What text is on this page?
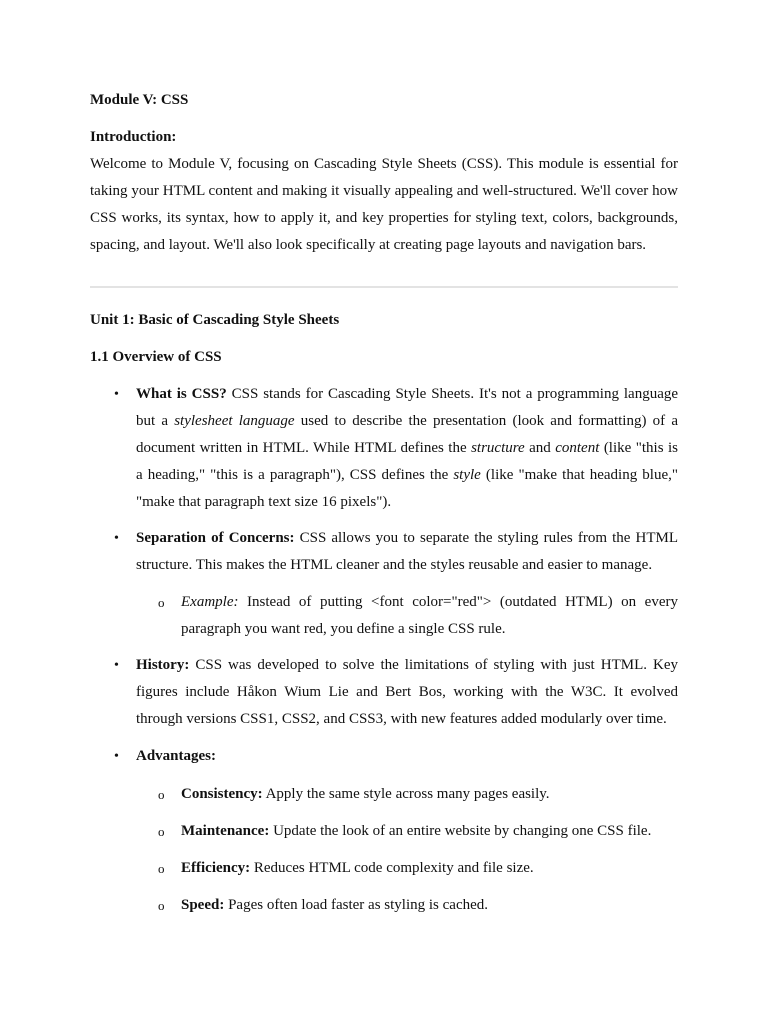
Module V: CSS
Introduction:

Welcome to Module V, focusing on Cascading Style Sheets (CSS). This module is essential for taking your HTML content and making it visually appealing and well-structured. We'll cover how CSS works, its syntax, how to apply it, and key properties for styling text, colors, backgrounds, spacing, and layout. We'll also look specifically at creating page layouts and navigation bars.

Unit 1: Basic of Cascading Style Sheets
1.1 Overview of CSS
• What is CSS? CSS stands for Cascading Style Sheets. It's not a programming language but a stylesheet language used to describe the presentation (look and formatting) of a document written in HTML. While HTML defines the structure and content (like "this is a heading," "this is a paragraph"), CSS defines the style (like "make that heading blue," "make that paragraph text size 16 pixels").
• Separation of Concerns: CSS allows you to separate the styling rules from the HTML structure. This makes the HTML cleaner and the styles reusable and easier to manage.
o Example: Instead of putting <font color="red"> (outdated HTML) on every paragraph you want red, you define a single CSS rule.
• History: CSS was developed to solve the limitations of styling with just HTML. Key figures include Håkon Wium Lie and Bert Bos, working with the W3C. It evolved through versions CSS1, CSS2, and CSS3, with new features added modularly over time.
• Advantages:
o Consistency: Apply the same style across many pages easily.
o Maintenance: Update the look of an entire website by changing one CSS file.
o Efficiency: Reduces HTML code complexity and file size.
o Speed: Pages often load faster as styling is cached.
